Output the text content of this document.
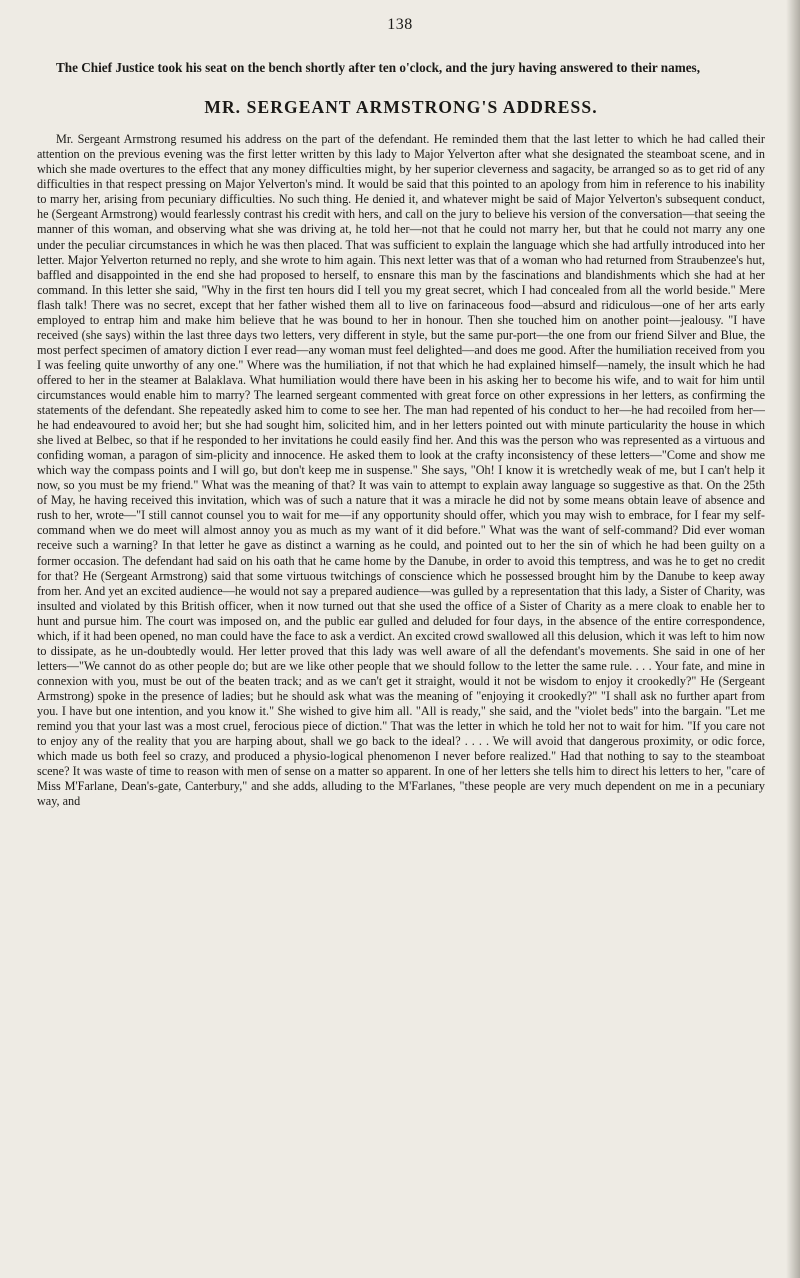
138

The Chief Justice took his seat on the bench shortly after ten o'clock, and the jury having answered to their names,

MR. SERGEANT ARMSTRONG'S ADDRESS.

Mr. Sergeant Armstrong resumed his address on the part of the defendant. He reminded them that the last letter to which he had called their attention on the previous evening was the first letter written by this lady to Major Yelverton after what she designated the steamboat scene, and in which she made overtures to the effect that any money difficulties might, by her superior cleverness and sagacity, be arranged so as to get rid of any difficulties in that respect pressing on Major Yelverton's mind. It would be said that this pointed to an apology from him in reference to his inability to marry her, arising from pecuniary difficulties. No such thing. He denied it, and whatever might be said of Major Yelverton's subsequent conduct, he (Sergeant Armstrong) would fearlessly contrast his credit with hers, and call on the jury to believe his version of the conversation—that seeing the manner of this woman, and observing what she was driving at, he told her—not that he could not marry her, but that he could not marry any one under the peculiar circumstances in which he was then placed. That was sufficient to explain the language which she had artfully introduced into her letter. Major Yelverton returned no reply, and she wrote to him again. This next letter was that of a woman who had returned from Straubenzee's hut, baffled and disappointed in the end she had proposed to herself, to ensnare this man by the fascinations and blandishments which she had at her command. In this letter she said, "Why in the first ten hours did I tell you my great secret, which I had concealed from all the world beside." Mere flash talk! There was no secret, except that her father wished them all to live on farinaceous food—absurd and ridiculous—one of her arts early employed to entrap him and make him believe that he was bound to her in honour. Then she touched him on another point—jealousy. "I have received (she says) within the last three days two letters, very different in style, but the same pur-port—the one from our friend Silver and Blue, the most perfect specimen of amatory diction I ever read—any woman must feel delighted—and does me good. After the humiliation received from you I was feeling quite unworthy of any one." Where was the humiliation, if not that which he had explained himself—namely, the insult which he had offered to her in the steamer at Balaklava. What humiliation would there have been in his asking her to become his wife, and to wait for him until circumstances would enable him to marry? The learned sergeant commented with great force on other expressions in her letters, as confirming the statements of the defendant. She repeatedly asked him to come to see her. The man had repented of his conduct to her—he had recoiled from her—he had endeavoured to avoid her; but she had sought him, solicited him, and in her letters pointed out with minute particularity the house in which she lived at Belbec, so that if he responded to her invitations he could easily find her. And this was the person who was represented as a virtuous and confiding woman, a paragon of sim-plicity and innocence. He asked them to look at the crafty inconsistency of these letters—"Come and show me which way the compass points and I will go, but don't keep me in suspense." She says, "Oh! I know it is wretchedly weak of me, but I can't help it now, so you must be my friend." What was the meaning of that? It was vain to attempt to explain away language so suggestive as that. On the 25th of May, he having received this invitation, which was of such a nature that it was a miracle he did not by some means obtain leave of absence and rush to her, wrote—"I still cannot counsel you to wait for me—if any opportunity should offer, which you may wish to embrace, for I fear my self-command when we do meet will almost annoy you as much as my want of it did before." What was the want of self-command? Did ever woman receive such a warning? In that letter he gave as distinct a warning as he could, and pointed out to her the sin of which he had been guilty on a former occasion. The defendant had said on his oath that he came home by the Danube, in order to avoid this temptress, and was he to get no credit for that? He (Sergeant Armstrong) said that some virtuous twitchings of conscience which he possessed brought him by the Danube to keep away from her. And yet an excited audience—he would not say a prepared audience—was gulled by a representation that this lady, a Sister of Charity, was insulted and violated by this British officer, when it now turned out that she used the office of a Sister of Charity as a mere cloak to enable her to hunt and pursue him. The court was imposed on, and the public ear gulled and deluded for four days, in the absence of the entire correspondence, which, if it had been opened, no man could have the face to ask a verdict. An excited crowd swallowed all this delusion, which it was left to him now to dissipate, as he un-doubtedly would. Her letter proved that this lady was well aware of all the defendant's movements. She said in one of her letters—"We cannot do as other people do; but are we like other people that we should follow to the letter the same rule. . . . Your fate, and mine in connexion with you, must be out of the beaten track; and as we can't get it straight, would it not be wisdom to enjoy it crookedly?" He (Sergeant Armstrong) spoke in the presence of ladies; but he should ask what was the meaning of "enjoying it crookedly?" "I shall ask no further apart from you. I have but one intention, and you know it." She wished to give him all. "All is ready," she said, and the "violet beds" into the bargain. "Let me remind you that your last was a most cruel, ferocious piece of diction." That was the letter in which he told her not to wait for him. "If you care not to enjoy any of the reality that you are harping about, shall we go back to the ideal? . . . . We will avoid that dangerous proximity, or odic force, which made us both feel so crazy, and produced a physio-logical phenomenon I never before realized." Had that nothing to say to the steamboat scene? It was waste of time to reason with men of sense on a matter so apparent. In one of her letters she tells him to direct his letters to her, "care of Miss M'Farlane, Dean's-gate, Canterbury," and she adds, alluding to the M'Farlanes, "these people are very much dependent on me in a pecuniary way, and
